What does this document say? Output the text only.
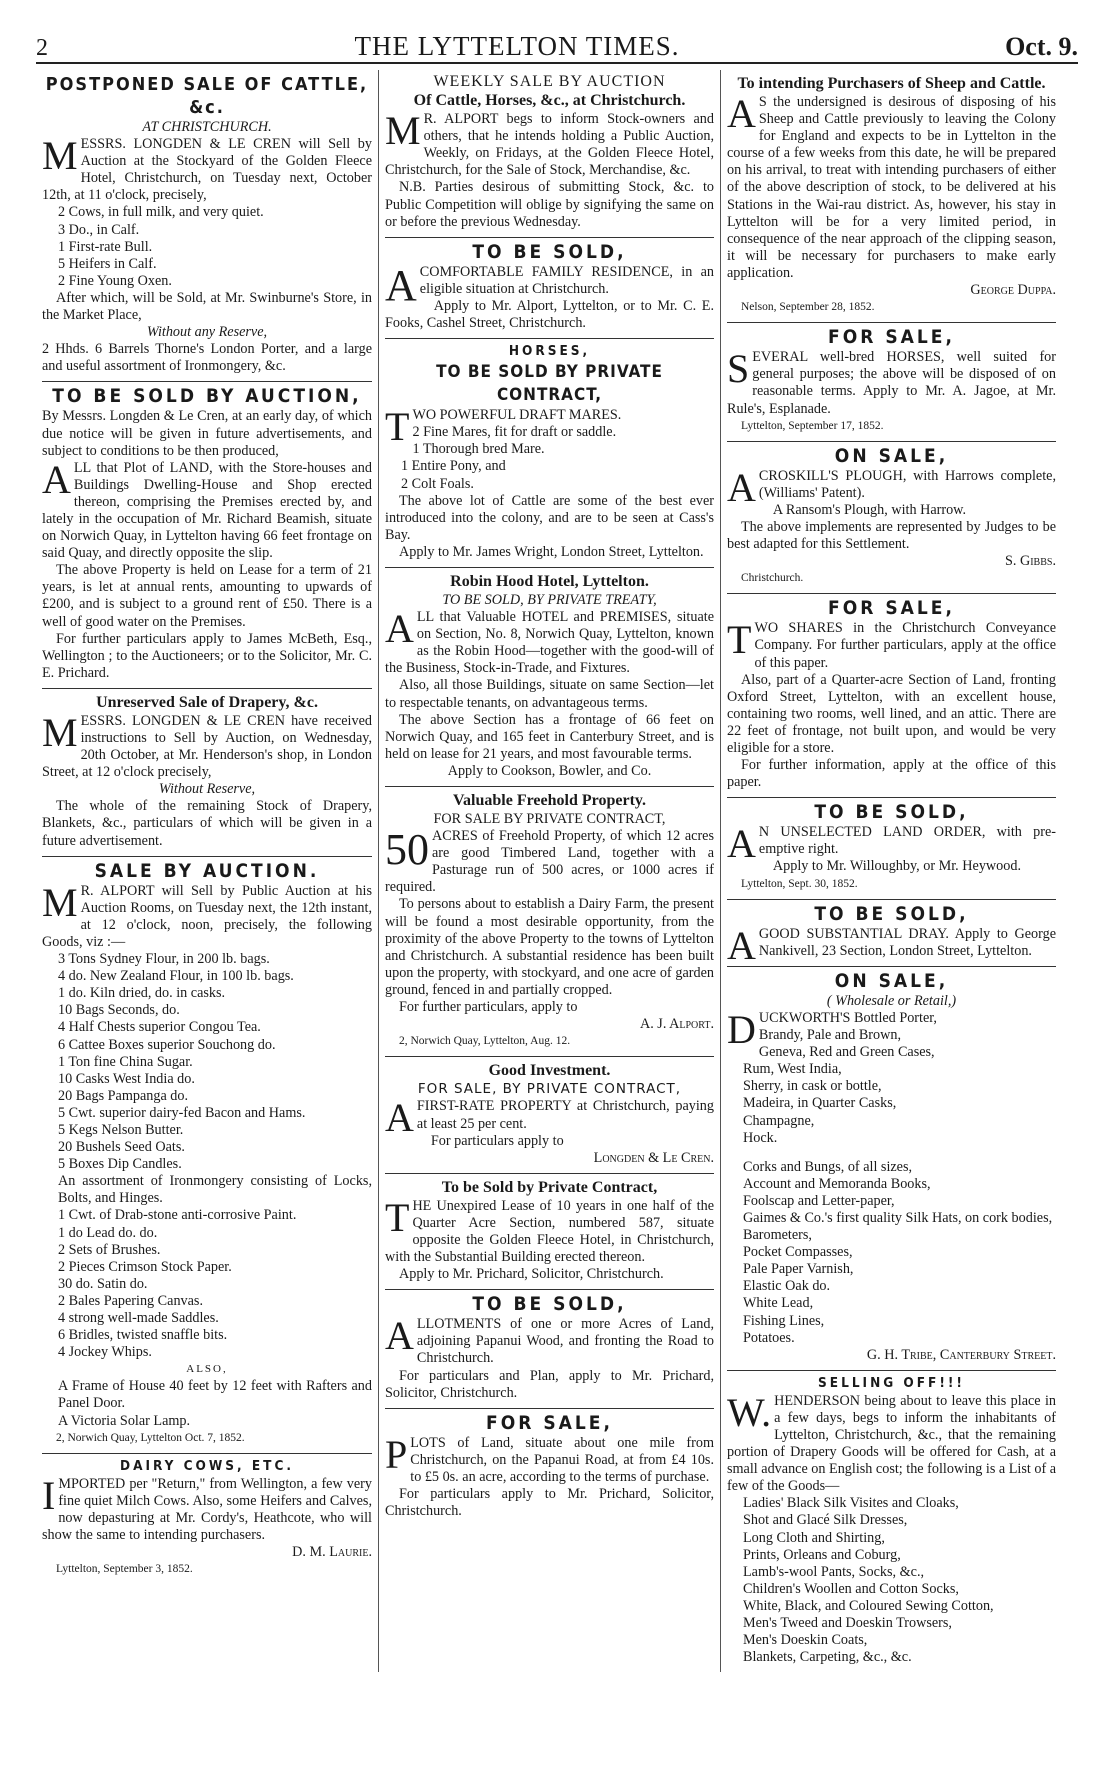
2	THE LYTTELTON TIMES.	Oct. 9.
POSTPONED SALE OF CATTLE, &c.
AT CHRISTCHURCH.

MESSRS. LONGDEN & LE CREN will Sell by Auction at the Stockyard of the Golden Fleece Hotel, Christchurch, on Tuesday next, October 12th, at 11 o'clock, precisely,

2 Cows, in full milk, and very quiet.

3 Do., in Calf.

1 First-rate Bull.

5 Heifers in Calf.

2 Fine Young Oxen.

After which, will be Sold, at Mr. Swinburne's Store, in the Market Place,

Without any Reserve,

2 Hhds. 6 Barrels Thorne's London Porter, and a large and useful assortment of Ironmongery, &c.

TO BE SOLD BY AUCTION,

By Messrs. Longden & Le Cren, at an early day, of which due notice will be given in future advertisements, and subject to conditions to be then produced,

ALL that Plot of LAND, with the Store-houses and Buildings Dwelling-House and Shop erected thereon, comprising the Premises erected by, and lately in the occupation of Mr. Richard Beamish, situate on Norwich Quay, in Lyttelton having 66 feet frontage on said Quay, and directly opposite the slip.

The above Property is held on Lease for a term of 21 years, is let at annual rents, amounting to upwards of £200, and is subject to a ground rent of £50. There is a well of good water on the Premises.

For further particulars apply to James McBeth, Esq., Wellington ; to the Auctioneers; or to the Solicitor, Mr. C. E. Prichard.

Unreserved Sale of Drapery, &c.

MESSRS. LONGDEN & LE CREN have received instructions to Sell by Auction, on Wednesday, 20th October, at Mr. Henderson's shop, in London Street, at 12 o'clock precisely,

Without Reserve,

The whole of the remaining Stock of Drapery, Blankets, &c., particulars of which will be given in a future advertisement.

SALE BY AUCTION.

M R. ALPORT will Sell by Public Auction at his Auction Rooms, on Tuesday next, the 12th instant, at 12 o'clock, noon, precisely, the following Goods, viz :—

3 Tons Sydney Flour, in 200 lb. bags.

4 do. New Zealand Flour, in 100 lb. bags.

1 do. Kiln dried, do. in casks.

10 Bags Seconds, do.

4 Half Chests superior Congou Tea.

6 Cattee Boxes superior Souchong do.

1 Ton fine China Sugar.

10 Casks West India do.

20 Bags Pampanga do.

5 Cwt. superior dairy-fed Bacon and Hams.

5 Kegs Nelson Butter.

20 Bushels Seed Oats.

5 Boxes Dip Candles.

An assortment of Ironmongery consisting of Locks, Bolts, and Hinges.

1 Cwt. of Drab-stone anti-corrosive Paint.

1 do Lead do. do.

2 Sets of Brushes.

2 Pieces Crimson Stock Paper.

30 do. Satin do.

2 Bales Papering Canvas.

4 strong well-made Saddles.

6 Bridles, twisted snaffle bits.

4 Jockey Whips.

ALSO,

A Frame of House 40 feet by 12 feet with Rafters and Panel Door.

A Victoria Solar Lamp.

2, Norwich Quay, Lyttelton Oct. 7, 1852.

DAIRY COWS, ETC.

IMPORTED per "Return," from Wellington, a few very fine quiet Milch Cows. Also, some Heifers and Calves, now depasturing at Mr. Cordy's, Heathcote, who will show the same to intending purchasers.

D. M. Laurie.

Lyttelton, September 3, 1852.

WEEKLY SALE BY AUCTION
Of Cattle, Horses, &c., at Christchurch.

M R. ALPORT begs to inform Stock-owners and others, that he intends holding a Public Auction, Weekly, on Fridays, at the Golden Fleece Hotel, Christchurch, for the Sale of Stock, Merchandise, &c.

N.B. Parties desirous of submitting Stock, &c. to Public Competition will oblige by signifying the same on or before the previous Wednesday.

TO BE SOLD,

ACOMFORTABLE FAMILY RESIDENCE, in an eligible situation at Christchurch.

Apply to Mr. Alport, Lyttelton, or to Mr. C. E. Fooks, Cashel Street, Christchurch.

HORSES,
TO BE SOLD BY PRIVATE CONTRACT,

TWO POWERFUL DRAFT MARES.

2 Fine Mares, fit for draft or saddle.

1 Thorough bred Mare.

1 Entire Pony, and

2 Colt Foals.

The above lot of Cattle are some of the best ever introduced into the colony, and are to be seen at Cass's Bay.

Apply to Mr. James Wright, London Street, Lyttelton.

Robin Hood Hotel, Lyttelton.
TO BE SOLD, BY PRIVATE TREATY,

ALL that Valuable HOTEL and PREMISES, situate on Section, No. 8, Norwich Quay, Lyttelton, known as the Robin Hood—together with the good-will of the Business, Stock-in-Trade, and Fixtures.

Also, all those Buildings, situate on same Section—let to respectable tenants, on advantageous terms.

The above Section has a frontage of 66 feet on Norwich Quay, and 165 feet in Canterbury Street, and is held on lease for 21 years, and most favourable terms.

Apply to Cookson, Bowler, and Co.

Valuable Freehold Property.
FOR SALE BY PRIVATE CONTRACT,

50 ACRES of Freehold Property, of which 12 acres are good Timbered Land, together with a Pasturage run of 500 acres, or 1000 acres if required.

To persons about to establish a Dairy Farm, the present will be found a most desirable opportunity, from the proximity of the above Property to the towns of Lyttelton and Christchurch. A substantial residence has been built upon the property, with stockyard, and one acre of garden ground, fenced in and partially cropped.

For further particulars, apply to

A. J. Alport.

2, Norwich Quay, Lyttelton, Aug. 12.

Good Investment.
FOR SALE, BY PRIVATE CONTRACT,

AFIRST-RATE PROPERTY at Christchurch, paying at least 25 per cent.

For particulars apply to

Longden & Le Cren.

To be Sold by Private Contract,

THE Unexpired Lease of 10 years in one half of the Quarter Acre Section, numbered 587, situate opposite the Golden Fleece Hotel, in Christchurch, with the Substantial Building erected thereon.

Apply to Mr. Prichard, Solicitor, Christchurch.

TO BE SOLD,

ALLOTMENTS of one or more Acres of Land, adjoining Papanui Wood, and fronting the Road to Christchurch.

For particulars and Plan, apply to Mr. Prichard, Solicitor, Christchurch.

FOR SALE,

PLOTS of Land, situate about one mile from Christchurch, on the Papanui Road, at from £4 10s. to £5 0s. an acre, according to the terms of purchase.

For particulars apply to Mr. Prichard, Solicitor, Christchurch.

To intending Purchasers of Sheep and Cattle.

A S the undersigned is desirous of disposing of his Sheep and Cattle previously to leaving the Colony for England and expects to be in Lyttelton in the course of a few weeks from this date, he will be prepared on his arrival, to treat with intending purchasers of either of the above description of stock, to be delivered at his Stations in the Wai-rau district. As, however, his stay in Lyttelton will be for a very limited period, in consequence of the near approach of the clipping season, it will be necessary for purchasers to make early application.

George Duppa.

Nelson, September 28, 1852.

FOR SALE,

SEVERAL well-bred HORSES, well suited for general purposes; the above will be disposed of on reasonable terms. Apply to Mr. A. Jagoe, at Mr. Rule's, Esplanade.

Lyttelton, September 17, 1852.

ON SALE,

ACROSKILL'S PLOUGH, with Harrows complete, (Williams' Patent).

A Ransom's Plough, with Harrow.

The above implements are represented by Judges to be best adapted for this Settlement.

S. Gibbs.

Christchurch.

FOR SALE,

TWO SHARES in the Christchurch Conveyance Company. For further particulars, apply at the office of this paper.

Also, part of a Quarter-acre Section of Land, fronting Oxford Street, Lyttelton, with an excellent house, containing two rooms, well lined, and an attic. There are 22 feet of frontage, not built upon, and would be very eligible for a store.

For further information, apply at the office of this paper.

TO BE SOLD,

A N UNSELECTED LAND ORDER, with pre-emptive right.

Apply to Mr. Willoughby, or Mr. Heywood.

Lyttelton, Sept. 30, 1852.

TO BE SOLD,

AGOOD SUBSTANTIAL DRAY. Apply to George Nankivell, 23 Section, London Street, Lyttelton.

ON SALE,
( Wholesale or Retail,)

DUCKWORTH'S Bottled Porter,

Brandy, Pale and Brown,

Geneva, Red and Green Cases,

Rum, West India,

Sherry, in cask or bottle,

Madeira, in Quarter Casks,

Champagne,

Hock.

Corks and Bungs, of all sizes,

Account and Memoranda Books,

Foolscap and Letter-paper,

Gaimes & Co.'s first quality Silk Hats, on cork bodies,

Barometers,

Pocket Compasses,

Pale Paper Varnish,

Elastic Oak do.

White Lead,

Fishing Lines,

Potatoes.

G. H. Tribe, Canterbury Street.

SELLING OFF!!!

W. HENDERSON being about to leave this place in a few days, begs to inform the inhabitants of Lyttelton, Christchurch, &c., that the remaining portion of Drapery Goods will be offered for Cash, at a small advance on English cost; the following is a List of a few of the Goods—

Ladies' Black Silk Visites and Cloaks,

Shot and Glacé Silk Dresses,

Long Cloth and Shirting,

Prints, Orleans and Coburg,

Lamb's-wool Pants, Socks, &c.,

Children's Woollen and Cotton Socks,

White, Black, and Coloured Sewing Cotton,

Men's Tweed and Doeskin Trowsers,

Men's Doeskin Coats,

Blankets, Carpeting, &c., &c.
